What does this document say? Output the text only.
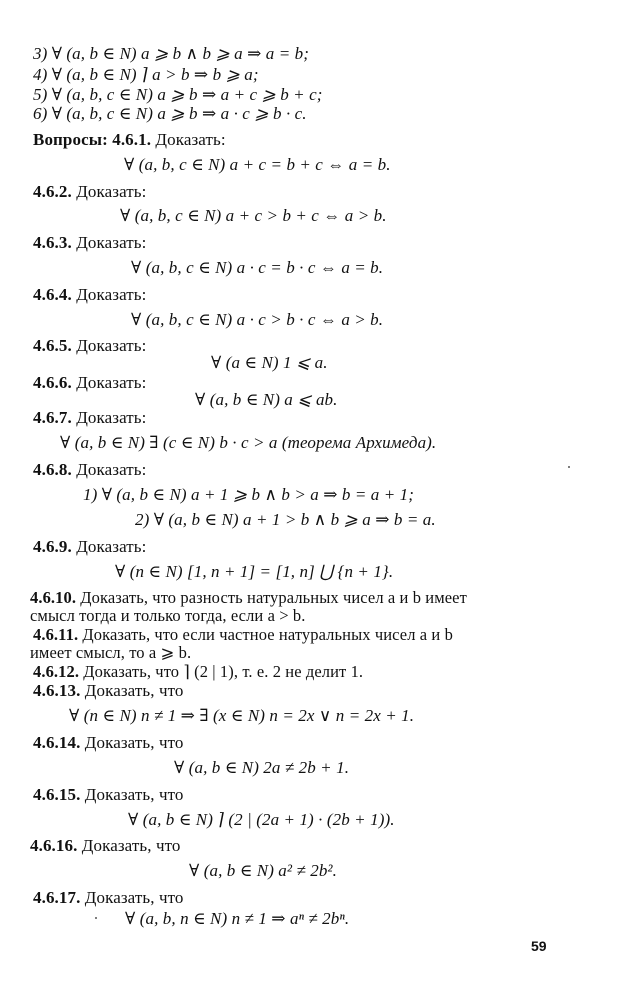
3) ∀ (a, b ∈ N) a ⩾ b ∧ b ⩾ a ⇒ a = b;
4) ∀ (a, b ∈ N) ⌉ a > b ⇒ b ⩾ a;
5) ∀ (a, b, c ∈ N) a ⩾ b ⇒ a + c ⩾ b + c;
6) ∀ (a, b, c ∈ N) a ⩾ b ⇒ a · c ⩾ b · c.
Вопросы: 4.6.1. Доказать:
∀ (a, b, c ∈ N) a + c = b + c ⇔ a = b.
4.6.2. Доказать:
∀ (a, b, c ∈ N) a + c > b + c ⇔ a > b.
4.6.3. Доказать:
∀ (a, b, c ∈ N) a · c = b · c ⇔ a = b.
4.6.4. Доказать:
∀ (a, b, c ∈ N) a · c > b · c ⇔ a > b.
4.6.5. Доказать:
∀ (a ∈ N) 1 ⩽ a.
4.6.6. Доказать:
∀ (a, b ∈ N) a ⩽ ab.
4.6.7. Доказать:
∀ (a, b ∈ N) ∃ (c ∈ N) b · c > a (теорема Архимеда).
4.6.8. Доказать:
1) ∀ (a, b ∈ N) a + 1 ⩾ b ∧ b > a ⇒ b = a + 1;
2) ∀ (a, b ∈ N) a + 1 > b ∧ b ⩾ a ⇒ b = a.
4.6.9. Доказать:
∀ (n ∈ N) [1, n + 1] = [1, n] ⋃ {n + 1}.
4.6.10. Доказать, что разность натуральных чисел a и b имеет
смысл тогда и только тогда, если a > b.
4.6.11. Доказать, что если частное натуральных чисел a и b
имеет смысл, то a ⩾ b.
4.6.12. Доказать, что ⌉ (2 | 1), т. е. 2 не делит 1.
4.6.13. Доказать, что
∀ (n ∈ N) n ≠ 1 ⇒ ∃ (x ∈ N) n = 2x ∨ n = 2x + 1.
4.6.14. Доказать, что
∀ (a, b ∈ N) 2a ≠ 2b + 1.
4.6.15. Доказать, что
∀ (a, b ∈ N) ⌉ (2 | (2a + 1) · (2b + 1)).
4.6.16. Доказать, что
∀ (a, b ∈ N) a² ≠ 2b².
4.6.17. Доказать, что
∀ (a, b, n ∈ N) n ≠ 1 ⇒ aⁿ ≠ 2bⁿ.
59
